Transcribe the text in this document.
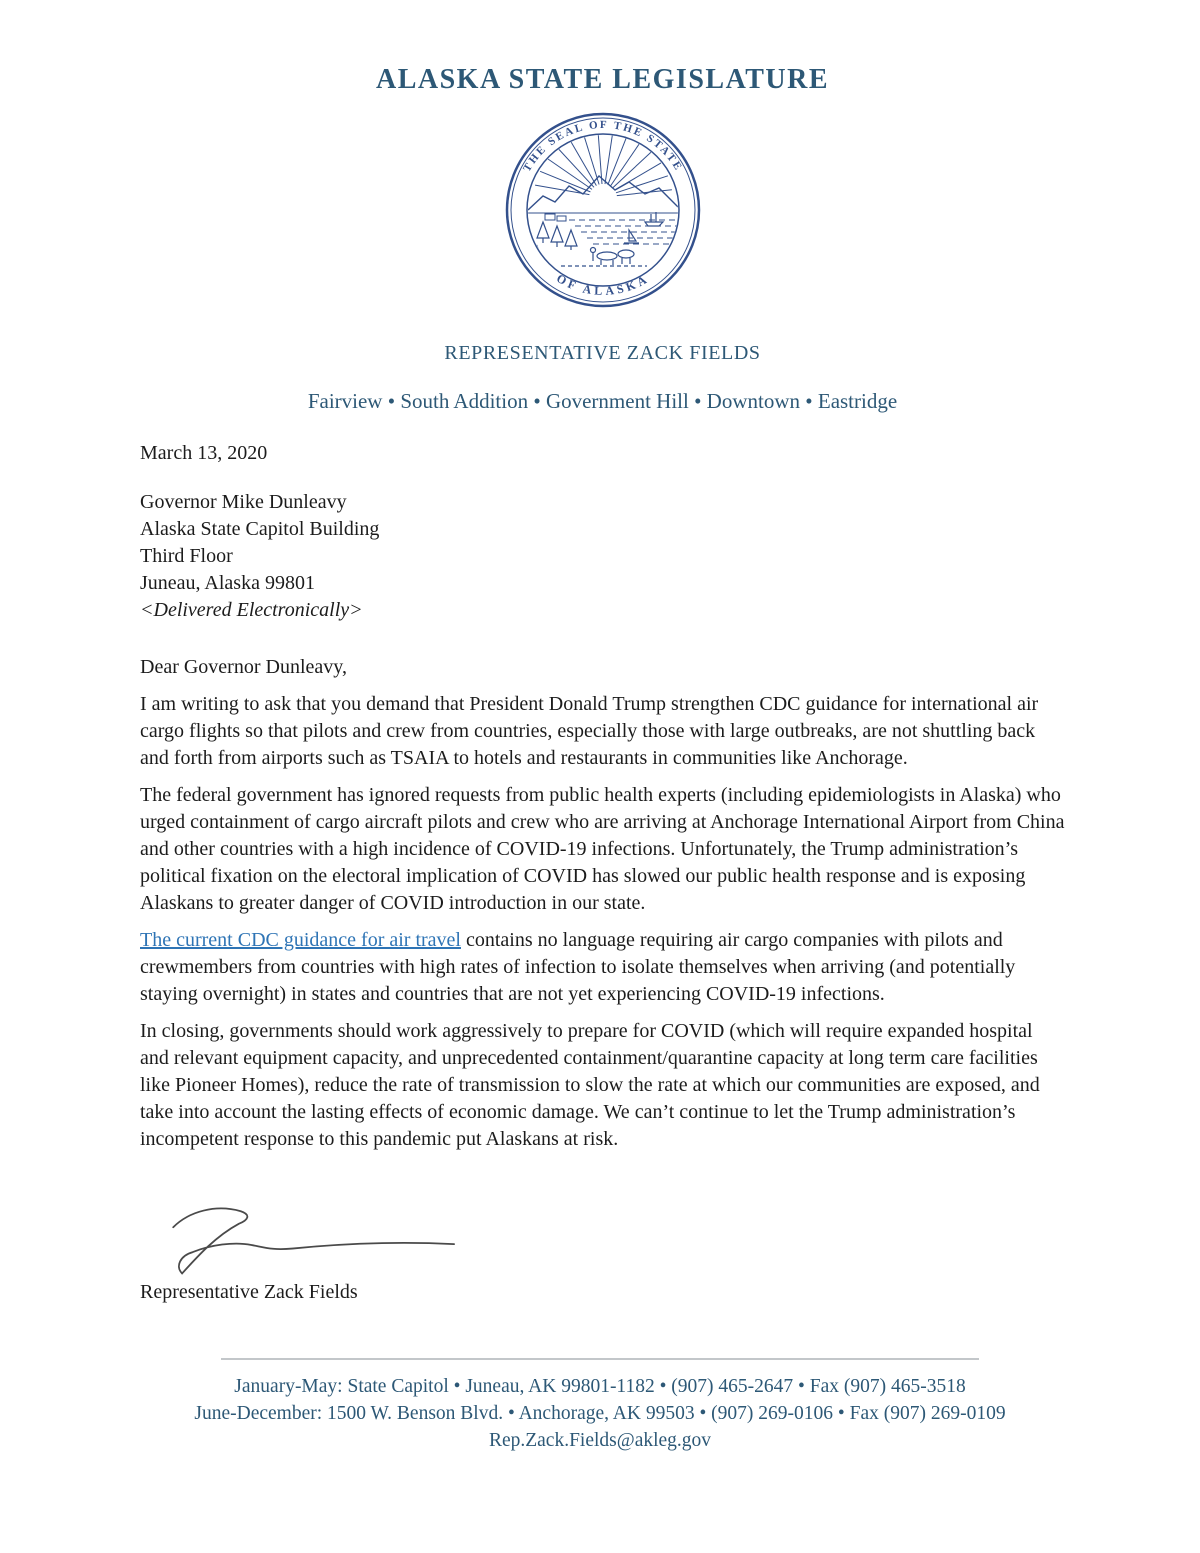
ALASKA STATE LEGISLATURE
THE SEAL OF THE STATE
OF ALASKA
REPRESENTATIVE ZACK FIELDS
Fairview • South Addition • Government Hill • Downtown • Eastridge

March 13, 2020

Governor Mike Dunleavy
Alaska State Capitol Building
Third Floor
Juneau, Alaska 99801
<Delivered Electronically>

Dear Governor Dunleavy,

I am writing to ask that you demand that President Donald Trump strengthen CDC guidance for international air cargo flights so that pilots and crew from countries, especially those with large outbreaks, are not shuttling back and forth from airports such as TSAIA to hotels and restaurants in communities like Anchorage.

The federal government has ignored requests from public health experts (including epidemiologists in Alaska) who urged containment of cargo aircraft pilots and crew who are arriving at Anchorage International Airport from China and other countries with a high incidence of COVID-19 infections. Unfortunately, the Trump administration’s political fixation on the electoral implication of COVID has slowed our public health response and is exposing Alaskans to greater danger of COVID introduction in our state.

The current CDC guidance for air travel contains no language requiring air cargo companies with pilots and crewmembers from countries with high rates of infection to isolate themselves when arriving (and potentially staying overnight) in states and countries that are not yet experiencing COVID-19 infections.

In closing, governments should work aggressively to prepare for COVID (which will require expanded hospital and relevant equipment capacity, and unprecedented containment/quarantine capacity at long term care facilities like Pioneer Homes), reduce the rate of transmission to slow the rate at which our communities are exposed, and take into account the lasting effects of economic damage. We can’t continue to let the Trump administration’s incompetent response to this pandemic put Alaskans at risk.

Representative Zack Fields
January-May: State Capitol • Juneau, AK 99801-1182 • (907) 465-2647 • Fax (907) 465-3518
June-December: 1500 W. Benson Blvd. • Anchorage, AK 99503 • (907) 269-0106 • Fax (907) 269-0109
Rep.Zack.Fields@akleg.gov
